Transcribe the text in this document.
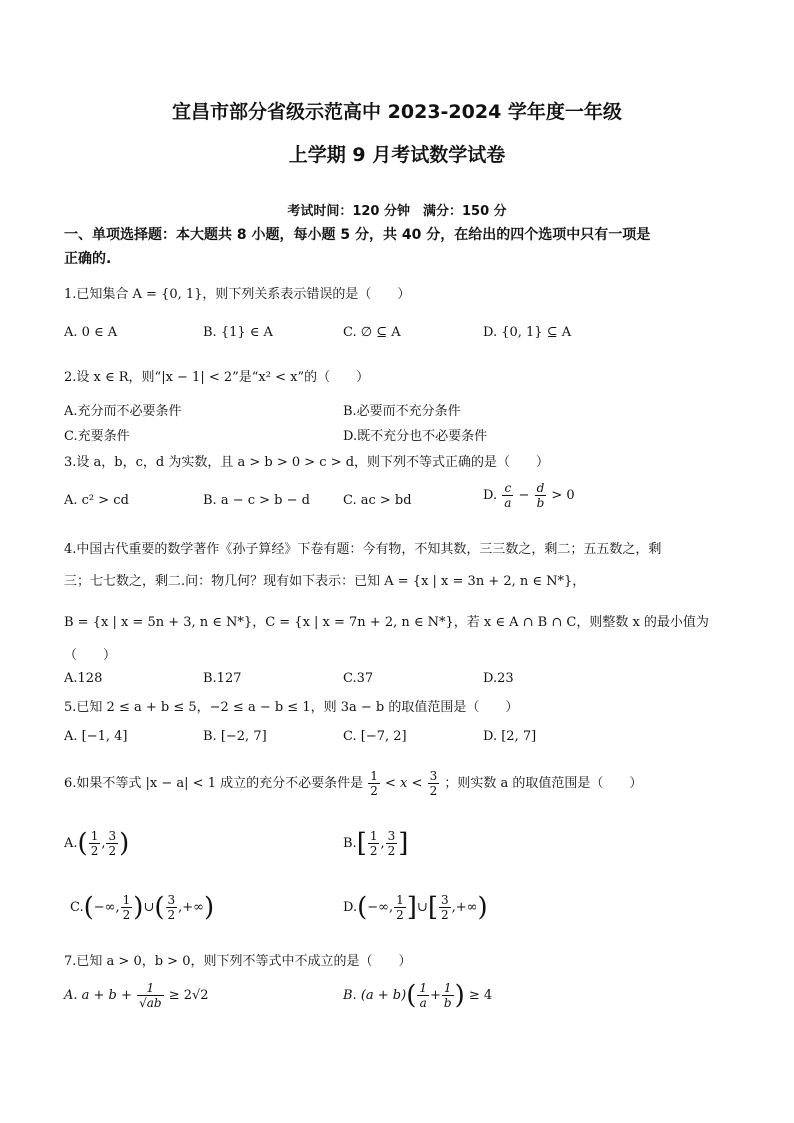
宜昌市部分省级示范高中 2023-2024 学年度一年级
上学期 9 月考试数学试卷
考试时间：120 分钟　满分：150 分
一、单项选择题：本大题共 8 小题，每小题 5 分，共 40 分，在给出的四个选项中只有一项是
正确的.
1.已知集合 A = {0, 1}，则下列关系表示错误的是（　　）
A. 0 ∈ A	B. {1} ∈ A	C. ∅ ⊆ A	D. {0, 1} ⊆ A
2.设 x ∈ R，则“|x − 1| < 2”是“x² < x”的（　　）
A.充分而不必要条件	B.必要而不充分条件
C.充要条件	D.既不充分也不必要条件
3.设 a，b，c，d 为实数，且 a > b > 0 > c > d，则下列不等式正确的是（　　）
A. c² > cd	B. a − c > b − d	C. ac > bd	D. $\frac{c}{a} - \frac{d}{b} > 0$
4.中国古代重要的数学著作《孙子算经》下卷有题：今有物，不知其数，三三数之，剩二；五五数之，剩
三；七七数之，剩二.问：物几何？现有如下表示：已知 A = {x | x = 3n + 2, n ∈ N*}，
B = {x | x = 5n + 3, n ∈ N*}，C = {x | x = 7n + 2, n ∈ N*}，若 x ∈ A ∩ B ∩ C，则整数 x 的最小值为
（　　）
A.128	B.127	C.37	D.23
5.已知 2 ≤ a + b ≤ 5，−2 ≤ a − b ≤ 1，则 3a − b 的取值范围是（　　）
A. [−1, 4]	B. [−2, 7]	C. [−7, 2]	D. [2, 7]
6.如果不等式 |x − a| < 1 成立的充分不必要条件是 $\frac{1}{2} < x < \frac{3}{2}$ ；则实数 a 的取值范围是（　　）
$A.( \frac{1}{2}$ , $\frac{3}{2}$ )	$B.[ \frac{1}{2}$ , $\frac{3}{2}$ ]
C.(−∞, $\frac{1}{2}$ )∪( $\frac{3}{2}$ ,+∞)	D.(−∞, $\frac{1}{2}$ ]∪[ $\frac{3}{2}$ ,+∞)
7.已知 a > 0，b > 0，则下列不等式中不成立的是（　　）
A. $a + b + \frac{1}{√ab} \ge 2√2$	B. $(a + b)( \frac{1}{a} + \frac{1}{b}$ ) ≥ 4
